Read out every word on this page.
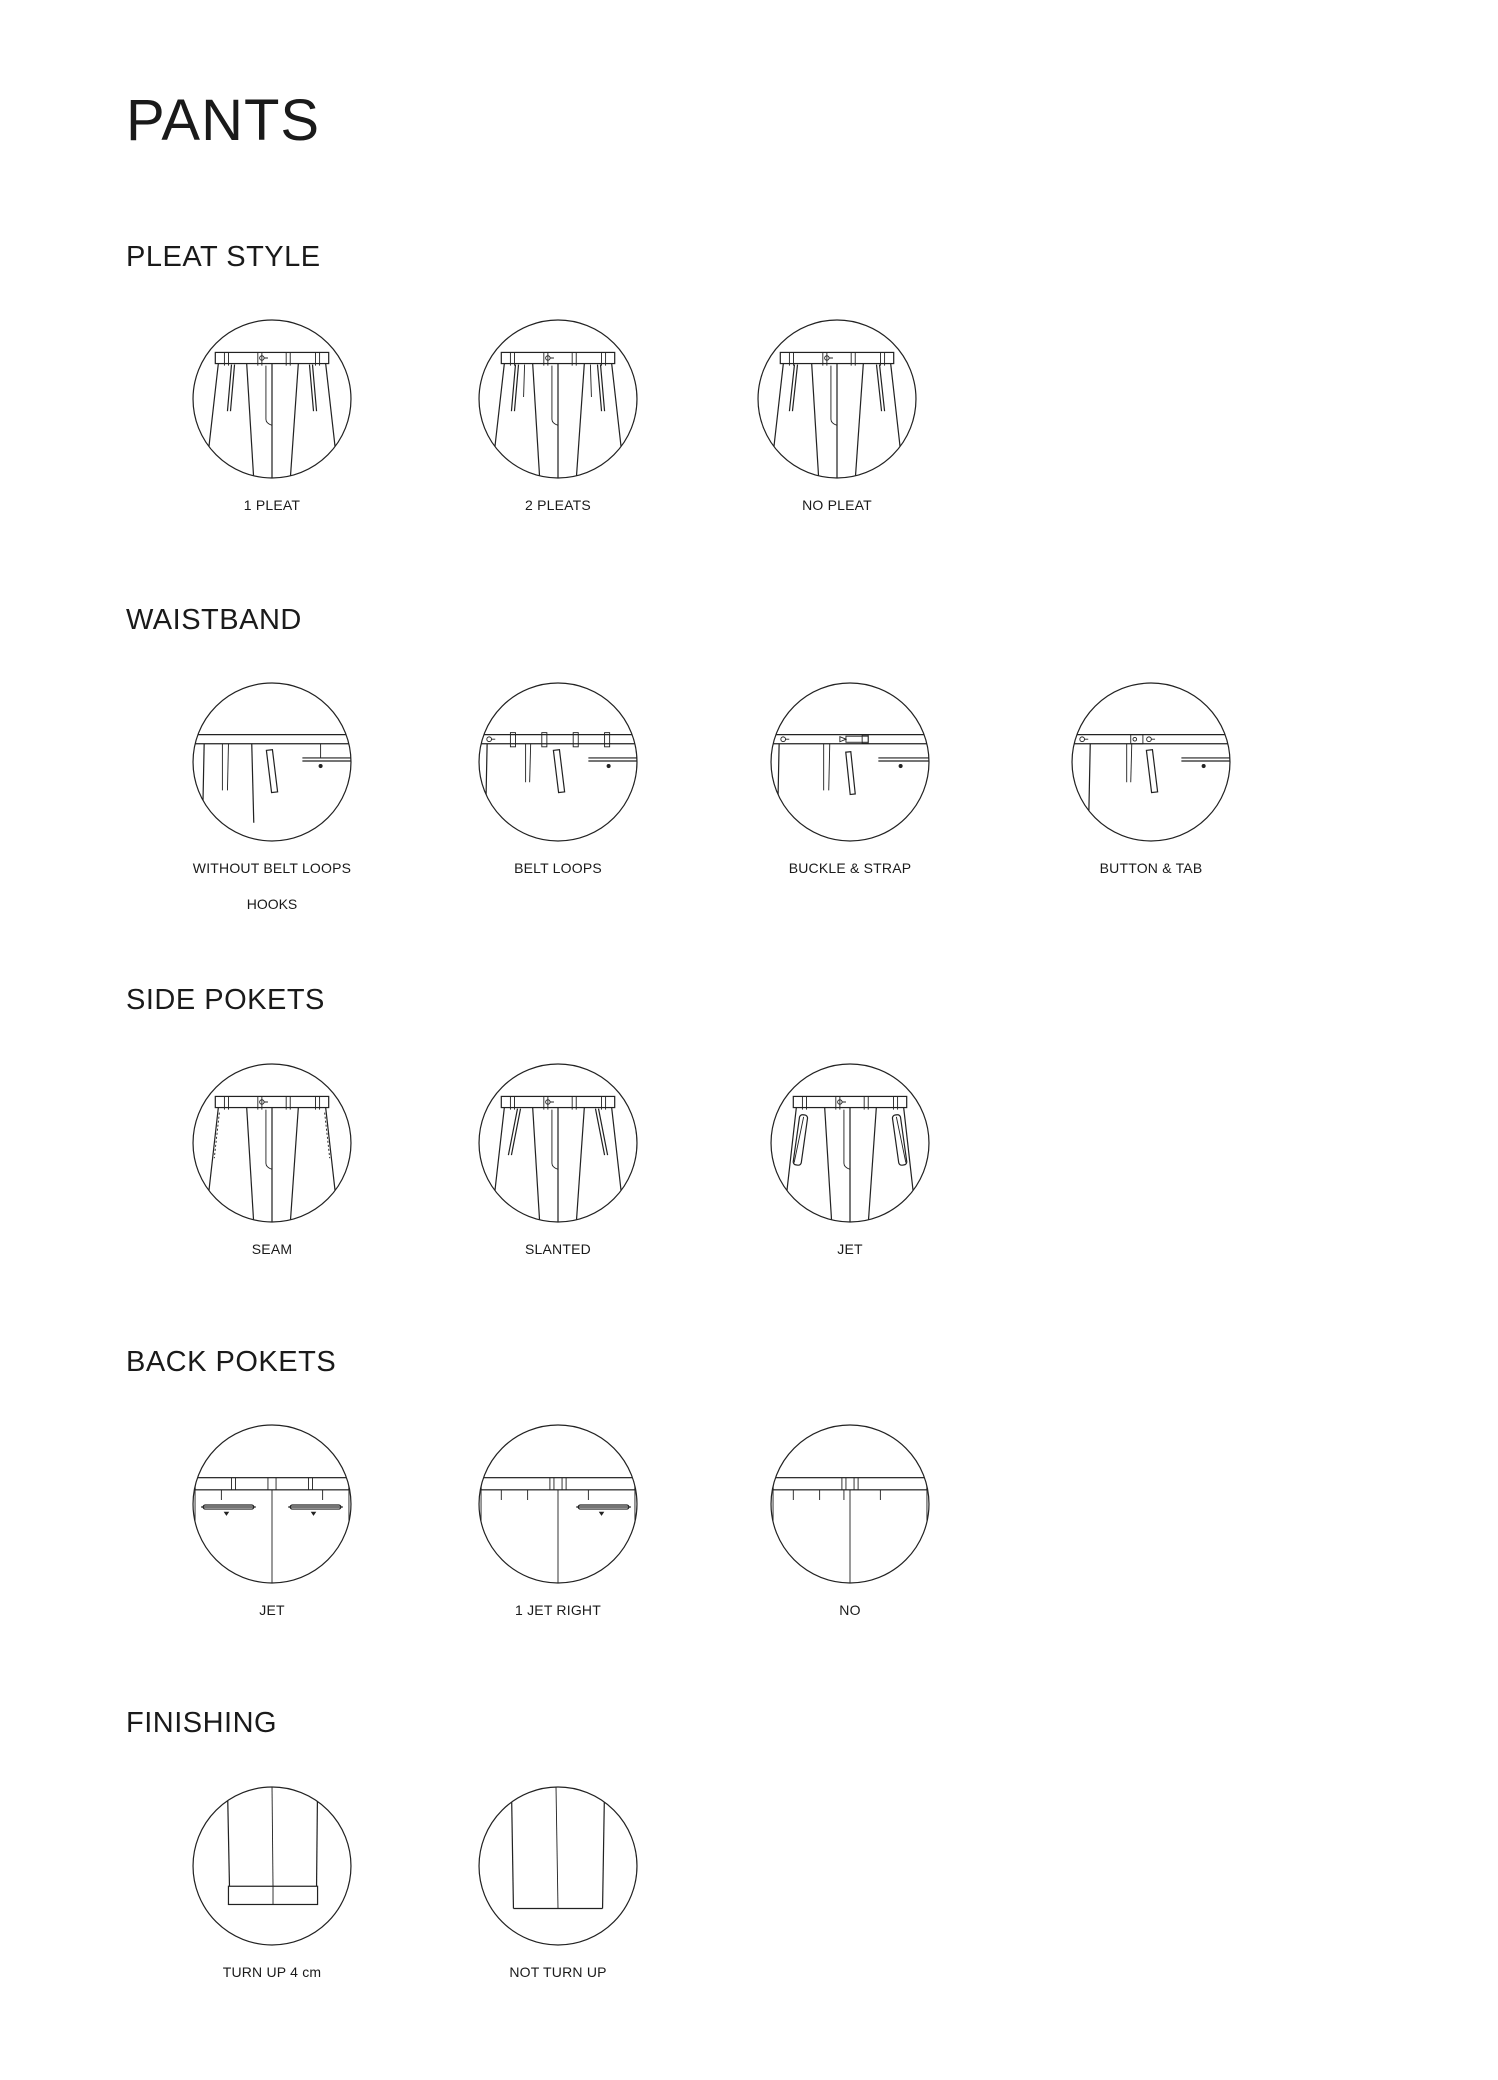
PANTS
PLEAT STYLE
1 PLEAT	2 PLEATS	NO PLEAT
WAISTBAND
WITHOUT BELT LOOPS
HOOKS
BELT LOOPS	BUCKLE & STRAP	BUTTON & TAB
SIDE POKETS
SEAM	SLANTED	JET
BACK POKETS
JET	1 JET RIGHT	NO
FINISHING
TURN UP 4 cm	NOT TURN UP
